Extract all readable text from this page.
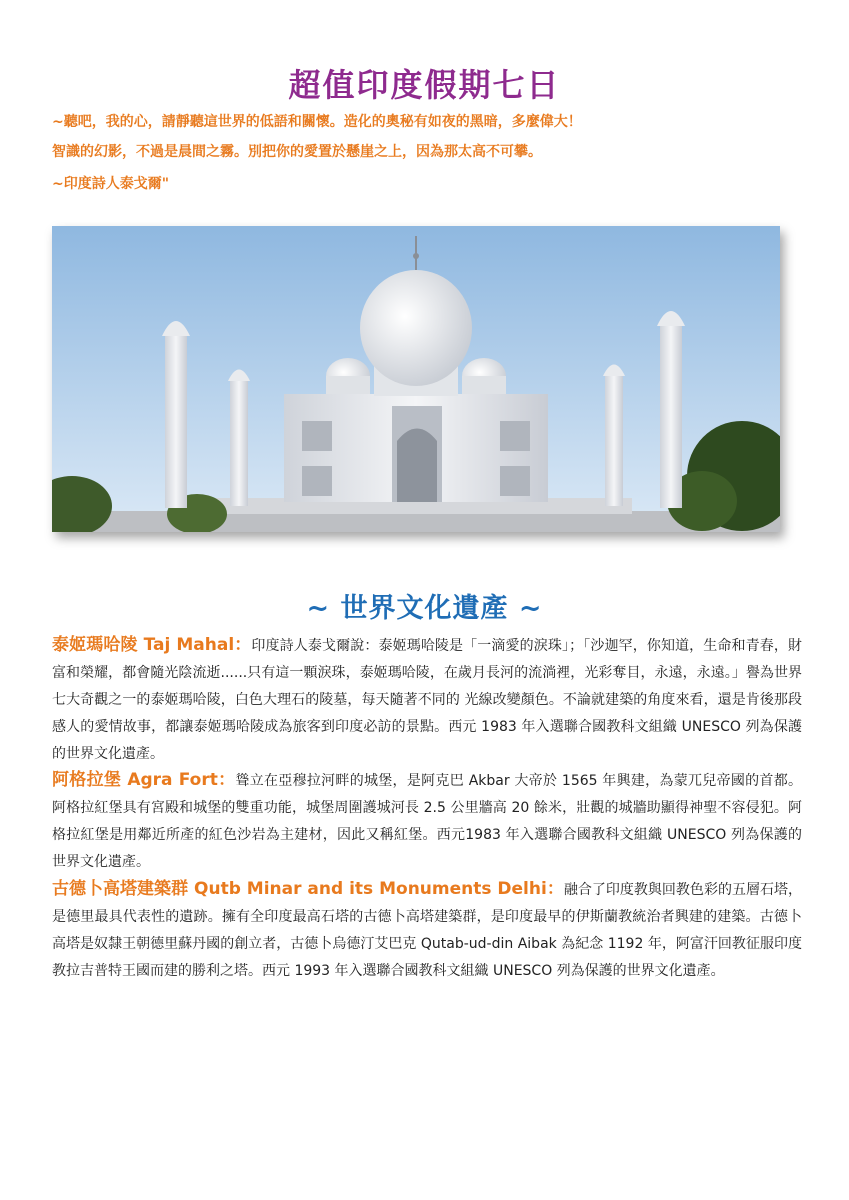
超值印度假期七日
~聽吧，我的心，請靜聽這世界的低語和關懷。造化的奧秘有如夜的黑暗，多麼偉大！
智識的幻影，不過是晨間之霧。別把你的愛置於懸崖之上，因為那太高不可攀。
~印度詩人泰戈爾"
~ 世界文化遺產 ~
泰姬瑪哈陵 Taj Mahal：印度詩人泰戈爾說：泰姬瑪哈陵是「一滴愛的淚珠」；「沙迦罕，你知道，生命和青春，財富和榮耀，都會隨光陰流逝......只有這一顆淚珠，泰姬瑪哈陵，在歲月長河的流淌裡，光彩奪目，永遠，永遠。」譽為世界七大奇觀之一的泰姬瑪哈陵，白色大理石的陵墓，每天隨著不同的 光線改變顏色。不論就建築的角度來看，還是肯後那段感人的愛情故事，都讓泰姬瑪哈陵成為旅客到印度必訪的景點。西元 1983 年入選聯合國教科文組織 UNESCO 列為保護的世界文化遺產。
阿格拉堡 Agra Fort：聳立在亞穆拉河畔的城堡，是阿克巴 Akbar 大帝於 1565 年興建，為蒙兀兒帝國的首都。阿格拉紅堡具有宮殿和城堡的雙重功能，城堡周圍護城河長 2.5 公里牆高 20 餘米，壯觀的城牆助顯得神聖不容侵犯。阿格拉紅堡是用鄰近所產的紅色沙岩為主建材，因此又稱紅堡。西元1983 年入選聯合國教科文組織 UNESCO 列為保護的世界文化遺產。
古德卜高塔建築群 Qutb Minar and its Monuments Delhi：融合了印度教與回教色彩的五層石塔，是德里最具代表性的遺跡。擁有全印度最高石塔的古德卜高塔建築群，是印度最早的伊斯蘭教統治者興建的建築。古德卜高塔是奴隸王朝德里蘇丹國的創立者，古德卜烏德汀艾巴克 Qutab-ud-din Aibak 為紀念 1192 年，阿富汗回教征服印度教拉吉普特王國而建的勝利之塔。西元 1993 年入選聯合國教科文組織 UNESCO 列為保護的世界文化遺產。
